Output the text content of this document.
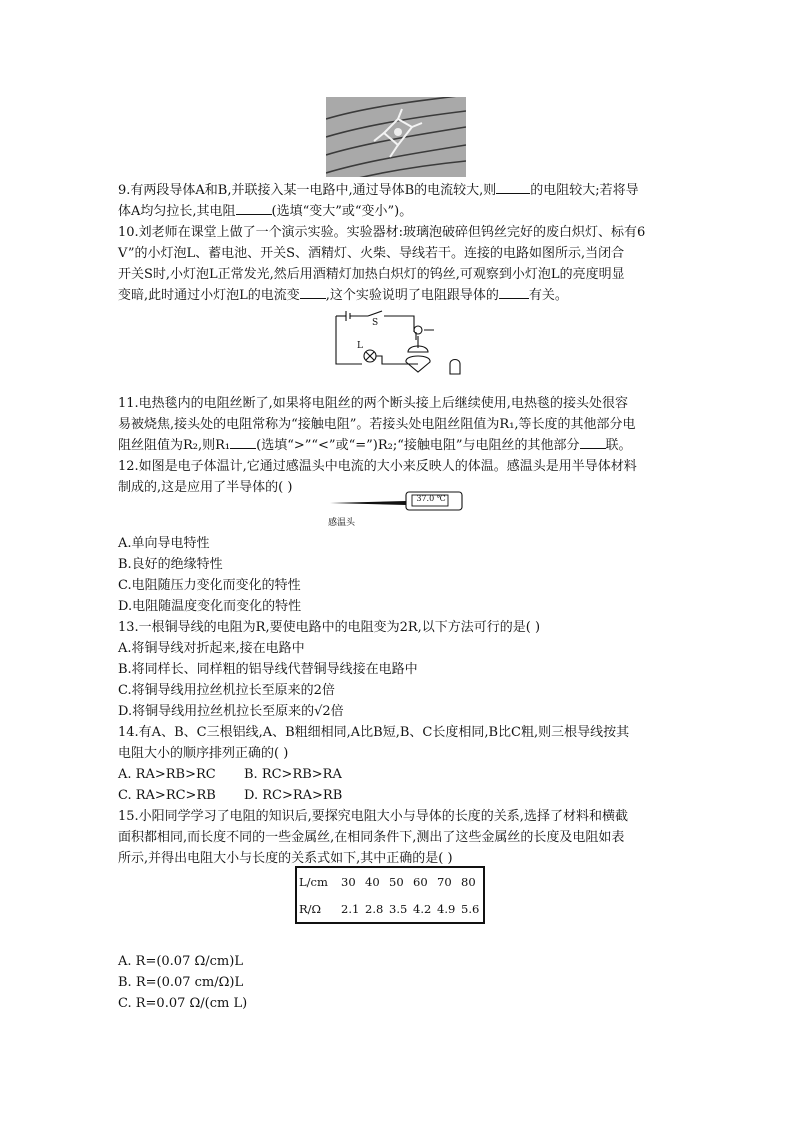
9.有两段导体A和B,并联接入某一电路中,通过导体B的电流较大,则	的电阻较大;若将导
体A均匀拉长,其电阻	(选填“变大”或“变小”)。
10.刘老师在课堂上做了一个演示实验。实验器材:玻璃泡破碎但钨丝完好的废白炽灯、标有6
V”的小灯泡L、蓄电池、开关S、酒精灯、火柴、导线若干。连接的电路如图所示,当闭合
开关S时,小灯泡L正常发光,然后用酒精灯加热白炽灯的钨丝,可观察到小灯泡L的亮度明显
变暗,此时通过小灯泡L的电流变 ,这个实验说明了电阻跟导体的 有关。
S
L
11.电热毯内的电阻丝断了,如果将电阻丝的两个断头接上后继续使用,电热毯的接头处很容
易被烧焦,接头处的电阻常称为“接触电阻”。若接头处电阻丝阻值为R₁,等长度的其他部分电
阻丝阻值为R₂,则R₁ (选填“>”“<”或“=”)R₂;“接触电阻”与电阻丝的其他部分 联。
12.如图是电子体温计,它通过感温头中电流的大小来反映人的体温。感温头是用半导体材料
制成的,这是应用了半导体的( )
37.0 ℃
感温头
A.单向导电特性
B.良好的绝缘特性
C.电阻随压力变化而变化的特性
D.电阻随温度变化而变化的特性
13.一根铜导线的电阻为R,要使电路中的电阻变为2R,以下方法可行的是( )
A.将铜导线对折起来,接在电路中
B.将同样长、同样粗的铝导线代替铜导线接在电路中
C.将铜导线用拉丝机拉长至原来的2倍
D.将铜导线用拉丝机拉长至原来的√2倍
14.有A、B、C三根铝线,A、B粗细相同,A比B短,B、C长度相同,B比C粗,则三根导线按其
电阻大小的顺序排列正确的( )
A. RA>RB>RC B. RC>RB>RA
C. RA>RC>RB D. RC>RA>RB
15.小阳同学学习了电阻的知识后,要探究电阻大小与导体的长度的关系,选择了材料和横截
面积都相同,而长度不同的一些金属丝,在相同条件下,测出了这些金属丝的长度及电阻如表
所示,并得出电阻大小与长度的关系式如下,其中正确的是( )
L/cm	30	40	50	60	70	80
R/Ω	2.1	2.8	3.5	4.2	4.9	5.6
A. R=(0.07 Ω/cm)L
B. R=(0.07 cm/Ω)L
C. R=0.07 Ω/(cm L)
